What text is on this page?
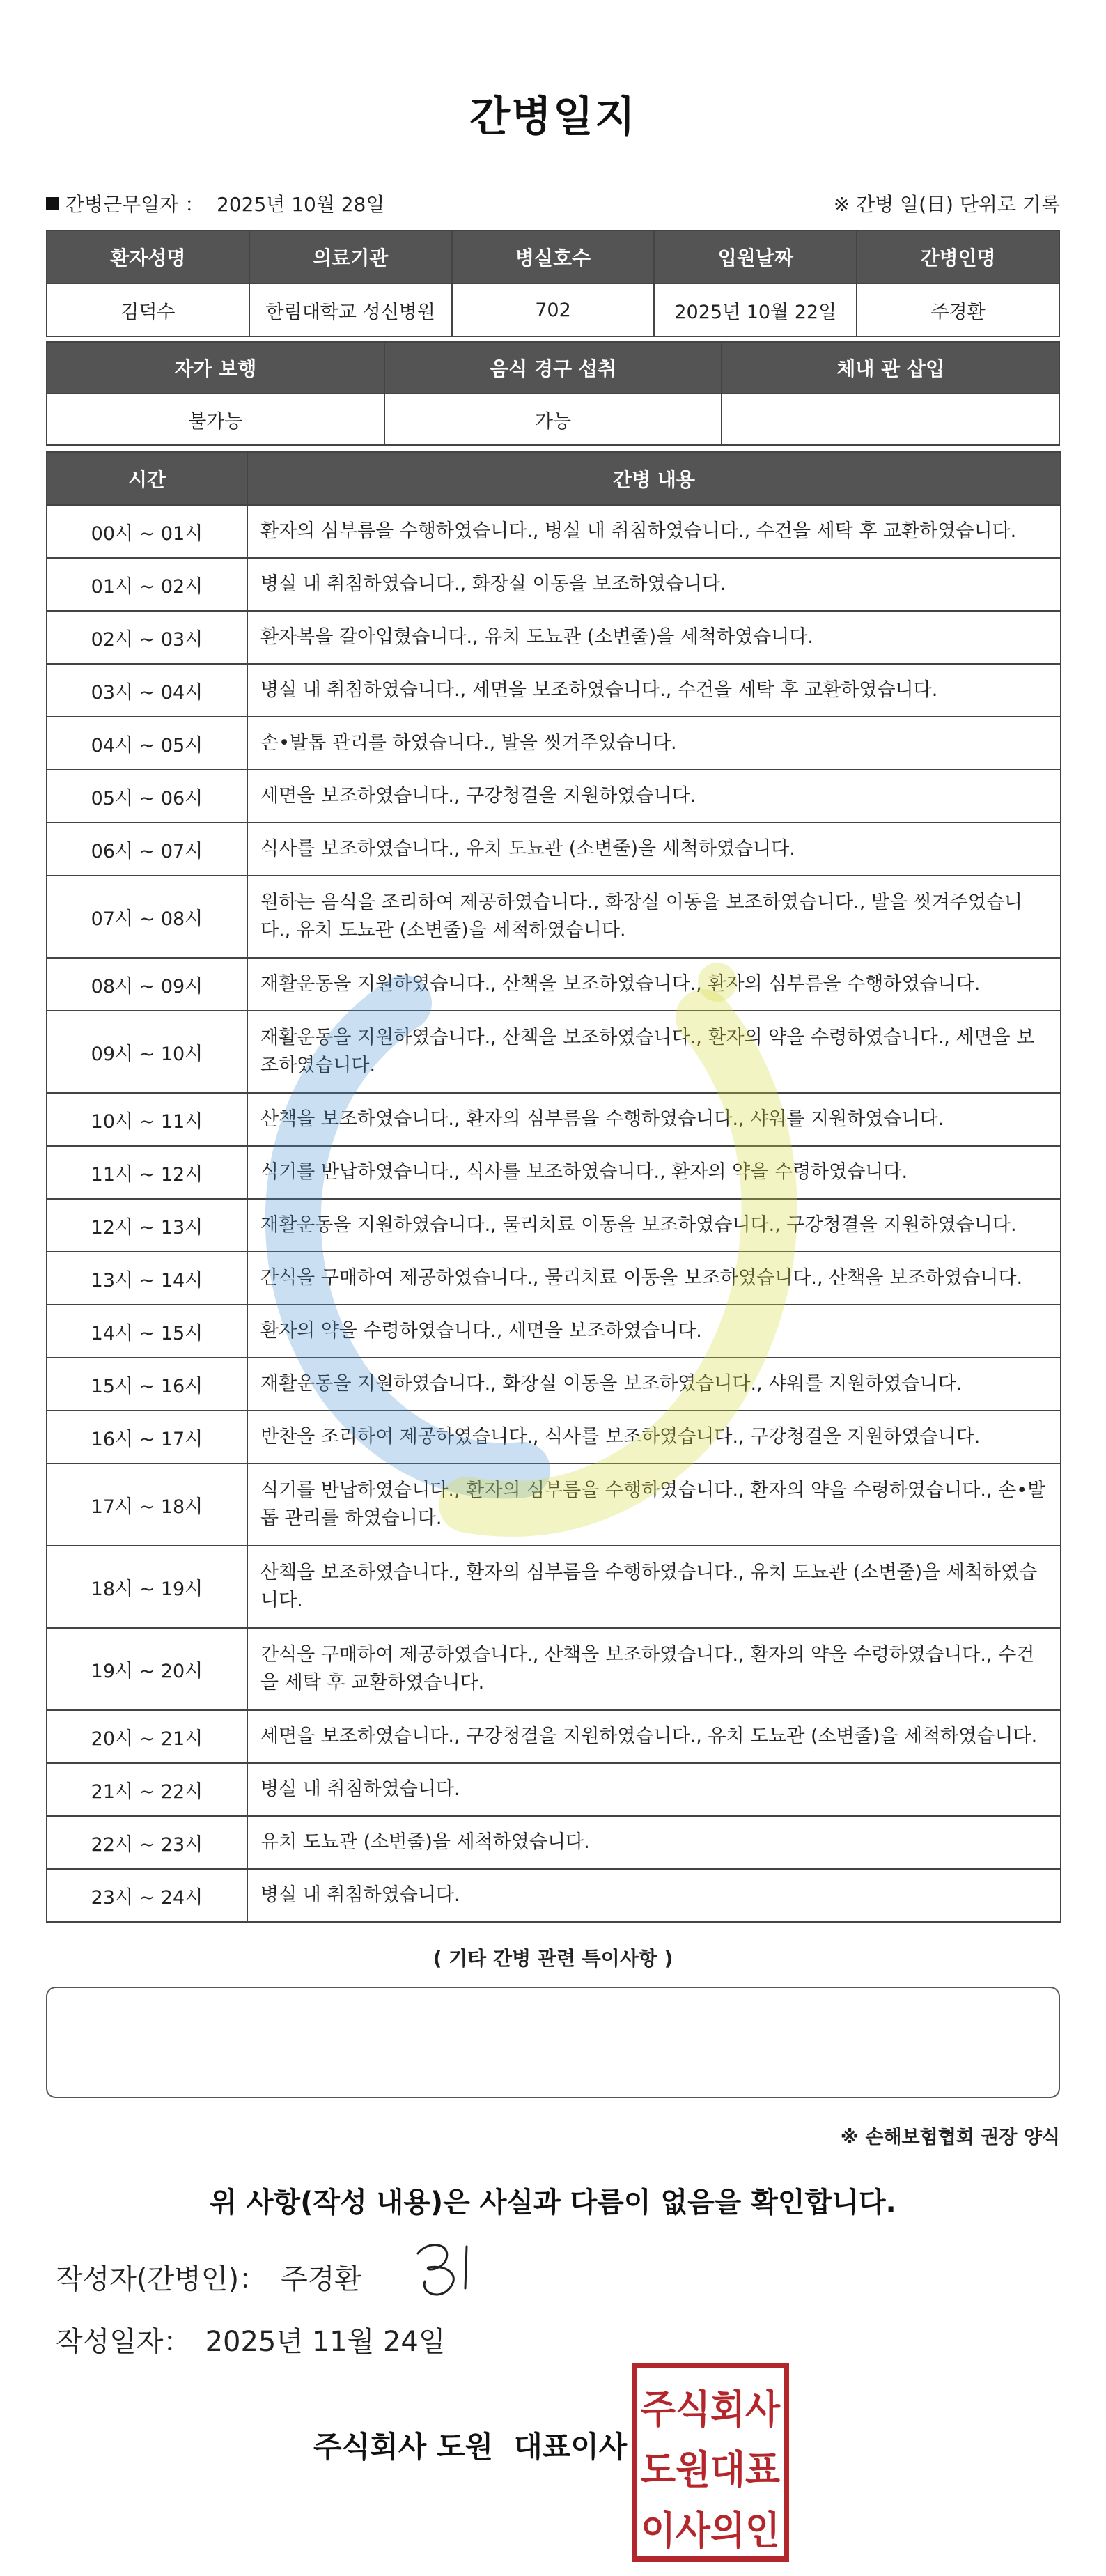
간병일지
간병근무일자 ： 2025년 10월 28일	※ 간병 일(日) 단위로 기록
환자성명	의료기관	병실호수	입원날짜	간병인명
김덕수	한림대학교 성신병원	702	2025년 10월 22일	주경환
자가 보행	음식 경구 섭취	체내 관 삽입
불가능	가능	
시간	간병 내용
00시 ~ 01시	환자의 심부름을 수행하였습니다., 병실 내 취침하였습니다., 수건을 세탁 후 교환하였습니다.
01시 ~ 02시	병실 내 취침하였습니다., 화장실 이동을 보조하였습니다.
02시 ~ 03시	환자복을 갈아입혔습니다., 유치 도뇨관 (소변줄)을 세척하였습니다.
03시 ~ 04시	병실 내 취침하였습니다., 세면을 보조하였습니다., 수건을 세탁 후 교환하였습니다.
04시 ~ 05시	손•발톱 관리를 하였습니다., 발을 씻겨주었습니다.
05시 ~ 06시	세면을 보조하였습니다., 구강청결을 지원하였습니다.
06시 ~ 07시	식사를 보조하였습니다., 유치 도뇨관 (소변줄)을 세척하였습니다.
07시 ~ 08시	원하는 음식을 조리하여 제공하였습니다., 화장실 이동을 보조하였습니다., 발을 씻겨주었습니다., 유치 도뇨관 (소변줄)을 세척하였습니다.
08시 ~ 09시	재활운동을 지원하였습니다., 산책을 보조하였습니다., 환자의 심부름을 수행하였습니다.
09시 ~ 10시	재활운동을 지원하였습니다., 산책을 보조하였습니다., 환자의 약을 수령하였습니다., 세면을 보조하였습니다.
10시 ~ 11시	산책을 보조하였습니다., 환자의 심부름을 수행하였습니다., 샤워를 지원하였습니다.
11시 ~ 12시	식기를 반납하였습니다., 식사를 보조하였습니다., 환자의 약을 수령하였습니다.
12시 ~ 13시	재활운동을 지원하였습니다., 물리치료 이동을 보조하였습니다., 구강청결을 지원하였습니다.
13시 ~ 14시	간식을 구매하여 제공하였습니다., 물리치료 이동을 보조하였습니다., 산책을 보조하였습니다.
14시 ~ 15시	환자의 약을 수령하였습니다., 세면을 보조하였습니다.
15시 ~ 16시	재활운동을 지원하였습니다., 화장실 이동을 보조하였습니다., 샤워를 지원하였습니다.
16시 ~ 17시	반찬을 조리하여 제공하였습니다., 식사를 보조하였습니다., 구강청결을 지원하였습니다.
17시 ~ 18시	식기를 반납하였습니다., 환자의 심부름을 수행하였습니다., 환자의 약을 수령하였습니다., 손•발톱 관리를 하였습니다.
18시 ~ 19시	산책을 보조하였습니다., 환자의 심부름을 수행하였습니다., 유치 도뇨관 (소변줄)을 세척하였습니다.
19시 ~ 20시	간식을 구매하여 제공하였습니다., 산책을 보조하였습니다., 환자의 약을 수령하였습니다., 수건을 세탁 후 교환하였습니다.
20시 ~ 21시	세면을 보조하였습니다., 구강청결을 지원하였습니다., 유치 도뇨관 (소변줄)을 세척하였습니다.
21시 ~ 22시	병실 내 취침하였습니다.
22시 ~ 23시	유치 도뇨관 (소변줄)을 세척하였습니다.
23시 ~ 24시	병실 내 취침하였습니다.
( 기타 간병 관련 특이사항 )
※ 손해보험협회 권장 양식
위 사항(작성 내용)은 사실과 다름이 없음을 확인합니다.
작성자(간병인)： 주경환
작성일자： 2025년 11월 24일
주식회사 도원 대표이사
주식회사
도원대표
이사의인
